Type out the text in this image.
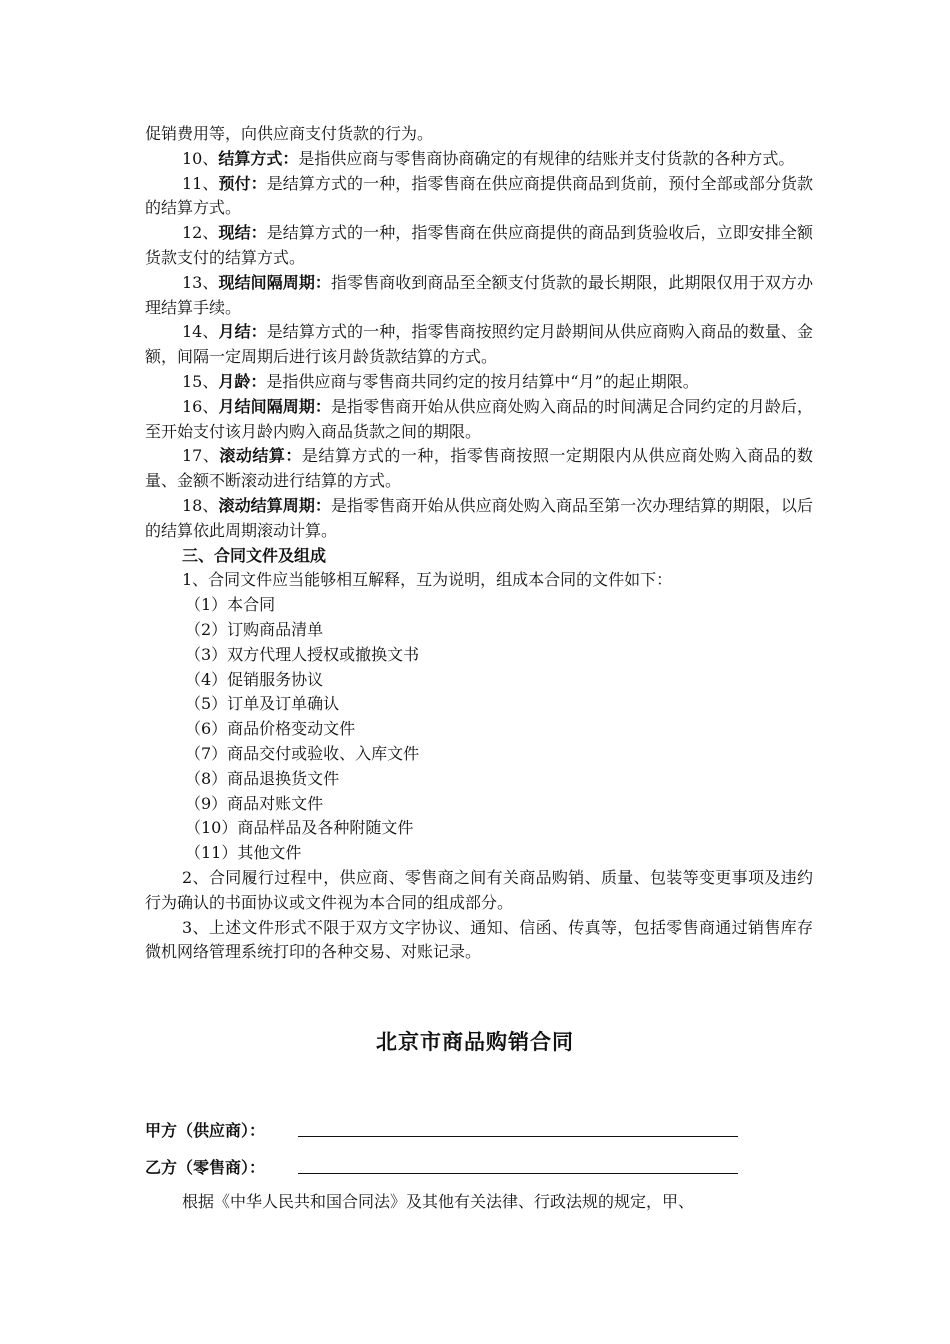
促销费用等，向供应商支付货款的行为。

10、结算方式：是指供应商与零售商协商确定的有规律的结账并支付货款的各种方式。

11、预付：是结算方式的一种，指零售商在供应商提供商品到货前，预付全部或部分货款的结算方式。

12、现结：是结算方式的一种，指零售商在供应商提供的商品到货验收后，立即安排全额货款支付的结算方式。

13、现结间隔周期：指零售商收到商品至全额支付货款的最长期限，此期限仅用于双方办理结算手续。

14、月结：是结算方式的一种，指零售商按照约定月龄期间从供应商购入商品的数量、金额，间隔一定周期后进行该月龄货款结算的方式。

15、月龄：是指供应商与零售商共同约定的按月结算中“月”的起止期限。

16、月结间隔周期：是指零售商开始从供应商处购入商品的时间满足合同约定的月龄后，至开始支付该月龄内购入商品货款之间的期限。

17、滚动结算：是结算方式的一种，指零售商按照一定期限内从供应商处购入商品的数量、金额不断滚动进行结算的方式。

18、滚动结算周期：是指零售商开始从供应商处购入商品至第一次办理结算的期限，以后的结算依此周期滚动计算。

三、合同文件及组成

1、合同文件应当能够相互解释，互为说明，组成本合同的文件如下：

（1）本合同

（2）订购商品清单

（3）双方代理人授权或撤换文书

（4）促销服务协议

（5）订单及订单确认

（6）商品价格变动文件

（7）商品交付或验收、入库文件

（8）商品退换货文件

（9）商品对账文件

（10）商品样品及各种附随文件

（11）其他文件

2、合同履行过程中，供应商、零售商之间有关商品购销、质量、包装等变更事项及违约行为确认的书面协议或文件视为本合同的组成部分。

3、上述文件形式不限于双方文字协议、通知、信函、传真等，包括零售商通过销售库存微机网络管理系统打印的各种交易、对账记录。

北京市商品购销合同
甲方（供应商）：
乙方（零售商）：

根据《中华人民共和国合同法》及其他有关法律、行政法规的规定，甲、
